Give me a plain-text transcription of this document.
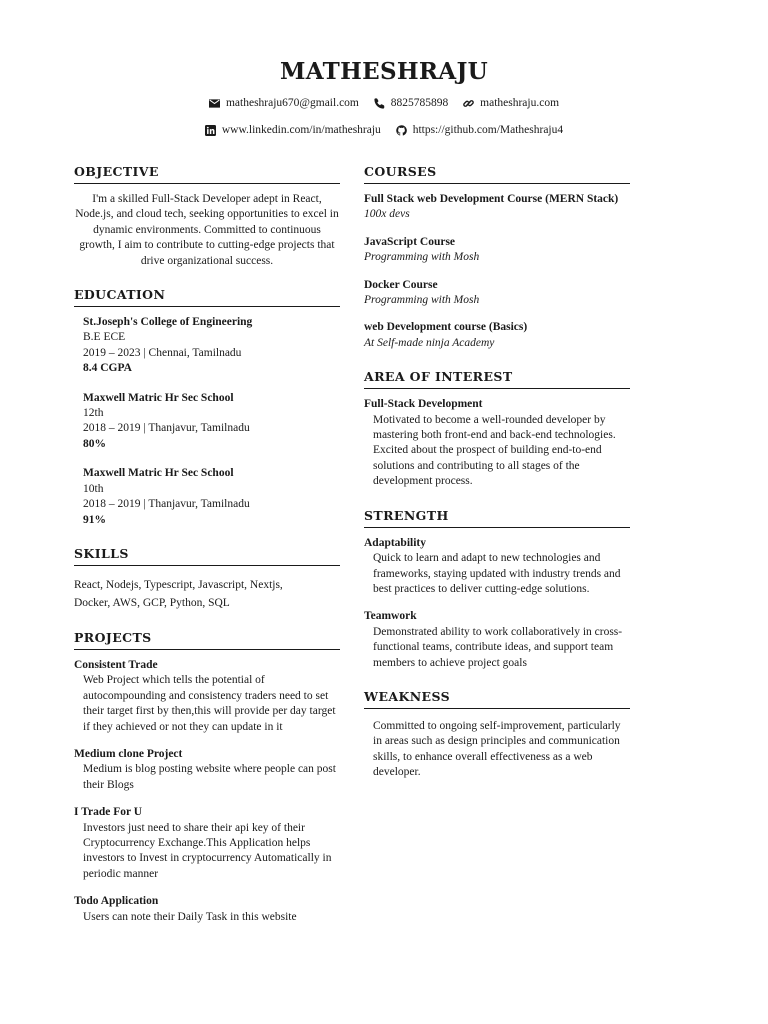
MATHESHRAJU
matheshraju670@gmail.com
	8825785898
	matheshraju.com
www.linkedin.com/in/matheshraju
	https://github.com/Matheshraju4
OBJECTIVE
I'm a skilled Full-Stack Developer adept in React, Node.js, and cloud tech, seeking opportunities to excel in dynamic environments. Committed to continuous growth, I aim to contribute to cutting-edge projects that drive organizational success.
EDUCATION
St.Joseph's College of Engineering
B.E ECE
2019 – 2023 | Chennai, Tamilnadu
8.4 CGPA
Maxwell Matric Hr Sec School
12th
2018 – 2019 | Thanjavur, Tamilnadu
80%
Maxwell Matric Hr Sec School
10th
2018 – 2019 | Thanjavur, Tamilnadu
91%
SKILLS
React, Nodejs, Typescript, Javascript, Nextjs,
Docker, AWS, GCP, Python, SQL
PROJECTS
Consistent Trade
Web Project which tells the potential of autocompounding and consistency traders need to set their target first by then,this will provide per day target if they achieved or not they can update in it
Medium clone Project
Medium is blog posting website where people can post their Blogs
I Trade For U
Investors just need to share their api key of their Cryptocurrency Exchange.This Application helps investors to Invest in cryptocurrency Automatically in periodic manner
Todo Application
Users can note their Daily Task in this website
COURSES
Full Stack web Development Course (MERN Stack)
100x devs
JavaScript Course
Programming with Mosh
Docker Course
Programming with Mosh
web Development course (Basics)
At Self-made ninja Academy
AREA OF INTEREST
Full-Stack Development
Motivated to become a well-rounded developer by mastering both front-end and back-end technologies. Excited about the prospect of building end-to-end solutions and contributing to all stages of the development process.
STRENGTH
Adaptability
Quick to learn and adapt to new technologies and frameworks, staying updated with industry trends and best practices to deliver cutting-edge solutions.
Teamwork
Demonstrated ability to work collaboratively in cross-functional teams, contribute ideas, and support team members to achieve project goals
WEAKNESS
Committed to ongoing self-improvement, particularly in areas such as design principles and communication skills, to enhance overall effectiveness as a web developer.
